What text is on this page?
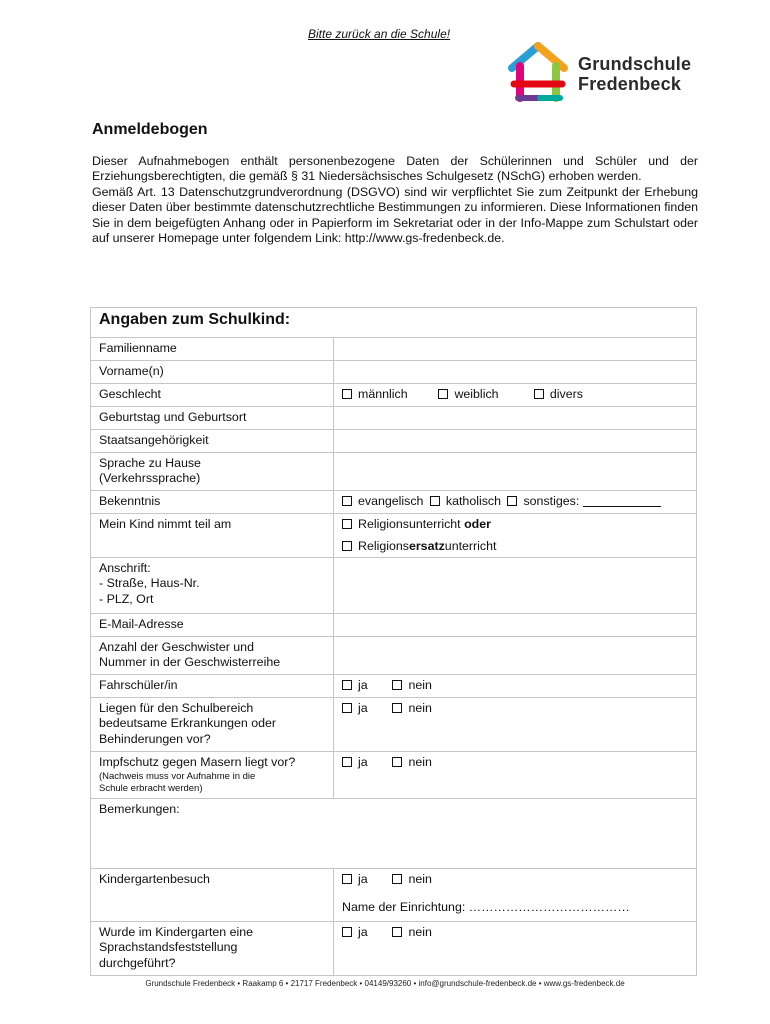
Bitte zurück an die Schule!
Grundschule
Fredenbeck
Anmeldebogen

Dieser Aufnahmebogen enthält personenbezogene Daten der Schülerinnen und Schüler und der Erziehungsberechtigten, die gemäß § 31 Niedersächsisches Schulgesetz (NSchG) erhoben werden.

Gemäß Art. 13 Datenschutzgrundverordnung (DSGVO) sind wir verpflichtet Sie zum Zeitpunkt der Erhebung dieser Daten über bestimmte datenschutzrechtliche Bestimmungen zu informieren. Diese Informationen finden Sie in dem beigefügten Anhang oder in Papierform im Sekretariat oder in der Info-Mappe zum Schulstart oder auf unserer Homepage unter folgendem Link: http://www.gs-fredenbeck.de.

Angaben zum Schulkind:	
Familienname	
Vorname(n)	
Geschlecht	männlich weiblich divers
Geburtstag und Geburtsort	
Staatsangehörigkeit	

Sprache zu Hause
(Verkehrssprache)	

Bekenntnis	evangelisch katholisch sonstiges:
Mein Kind nimmt teil am	Religionsunterricht oder
	Religionsersatzunterricht

Anschrift:
- Straße, Haus-Nr.
- PLZ, Ort	

E-Mail-Adresse	

Anzahl der Geschwister und
Nummer in der Geschwisterreihe	

Fahrschüler/in	ja nein

Liegen für den Schulbereich
bedeutsame Erkrankungen oder
Behinderungen vor?	ja nein

Impfschutz gegen Masern liegt vor?
(Nachweis muss vor Aufnahme in die
Schule erbracht werden)	ja nein
Bemerkungen:	
Kindergartenbesuch	ja nein
Name der Einrichtung: …………………………………

Wurde im Kindergarten eine
Sprachstandsfeststellung
durchgeführt?	ja nein
Grundschule Fredenbeck • Raakamp 6 • 21717 Fredenbeck • 04149/93260 • info@grundschule-fredenbeck.de • www.gs-fredenbeck.de
